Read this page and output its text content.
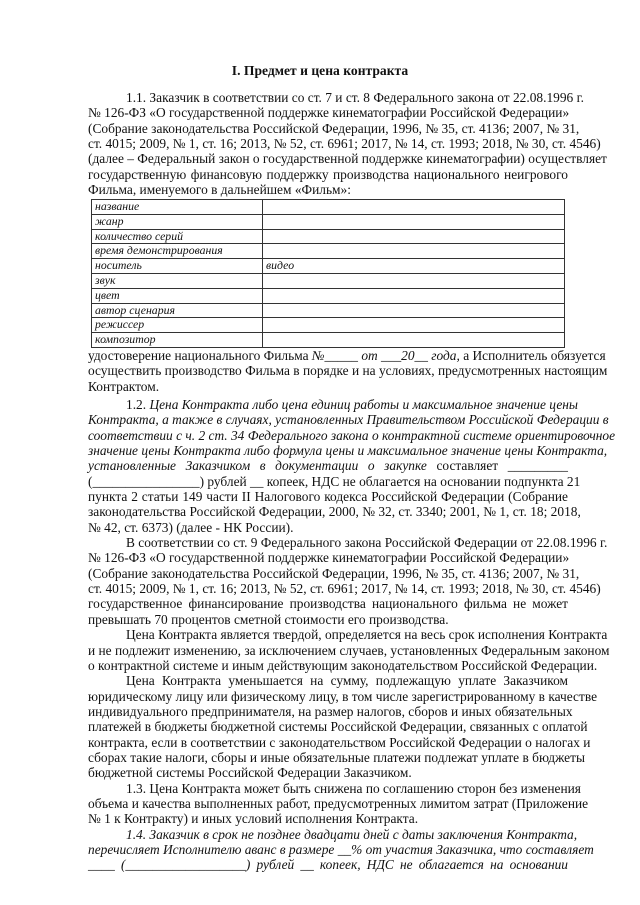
I. Предмет и цена контракта
1.1. Заказчик в соответствии со ст. 7 и ст. 8 Федерального закона от 22.08.1996 г.
№ 126-ФЗ «О государственной поддержке кинематографии Российской Федерации»
(Собрание законодательства Российской Федерации, 1996, № 35, ст. 4136; 2007, № 31,
ст. 4015; 2009, № 1, ст. 16; 2013, № 52, ст. 6961; 2017, № 14, ст. 1993; 2018, № 30, ст. 4546)
(далее – Федеральный закон о государственной поддержке кинематографии) осуществляет
государственную финансовую поддержку производства национального неигрового
Фильма, именуемого в дальнейшем «Фильм»:
название	
жанр	
количество серий	
время демонстрирования	
носитель	видео
звук	
цвет	
автор сценария	
режиссер	
композитор	
удостоверение национального Фильма №_____ от ___20__ года, а Исполнитель обязуется
осуществить производство Фильма в порядке и на условиях, предусмотренных настоящим
Контрактом.
1.2. Цена Контракта либо цена единиц работы и максимальное значение цены
Контракта, а также в случаях, установленных Правительством Российской Федерации в
соответствии с ч. 2 ст. 34 Федерального закона о контрактной системе ориентировочное
значение цены Контракта либо формула цены и максимальное значение цены Контракта,
установленные Заказчиком в документации о закупке составляет _________
(________________) рублей __ копеек, НДС не облагается на основании подпункта 21
пункта 2 статьи 149 части II Налогового кодекса Российской Федерации (Собрание
законодательства Российской Федерации, 2000, № 32, ст. 3340; 2001, № 1, ст. 18; 2018,
№ 42, ст. 6373) (далее - НК России).
В соответствии со ст. 9 Федерального закона Российской Федерации от 22.08.1996 г.
№ 126-ФЗ «О государственной поддержке кинематографии Российской Федерации»
(Собрание законодательства Российской Федерации, 1996, № 35, ст. 4136; 2007, № 31,
ст. 4015; 2009, № 1, ст. 16; 2013, № 52, ст. 6961; 2017, № 14, ст. 1993; 2018, № 30, ст. 4546)
государственное финансирование производства национального фильма не может
превышать 70 процентов сметной стоимости его производства.
Цена Контракта является твердой, определяется на весь срок исполнения Контракта
и не подлежит изменению, за исключением случаев, установленных Федеральным законом
о контрактной системе и иным действующим законодательством Российской Федерации.
Цена Контракта уменьшается на сумму, подлежащую уплате Заказчиком
юридическому лицу или физическому лицу, в том числе зарегистрированному в качестве
индивидуального предпринимателя, на размер налогов, сборов и иных обязательных
платежей в бюджеты бюджетной системы Российской Федерации, связанных с оплатой
контракта, если в соответствии с законодательством Российской Федерации о налогах и
сборах такие налоги, сборы и иные обязательные платежи подлежат уплате в бюджеты
бюджетной системы Российской Федерации Заказчиком.
1.3. Цена Контракта может быть снижена по соглашению сторон без изменения
объема и качества выполненных работ, предусмотренных лимитом затрат (Приложение
№ 1 к Контракту) и иных условий исполнения Контракта.
1.4. Заказчик в срок не позднее двадцати дней с даты заключения Контракта,
перечисляет Исполнителю аванс в размере __% от участия Заказчика, что составляет
____ (__________________) рублей __ копеек, НДС не облагается на основании
